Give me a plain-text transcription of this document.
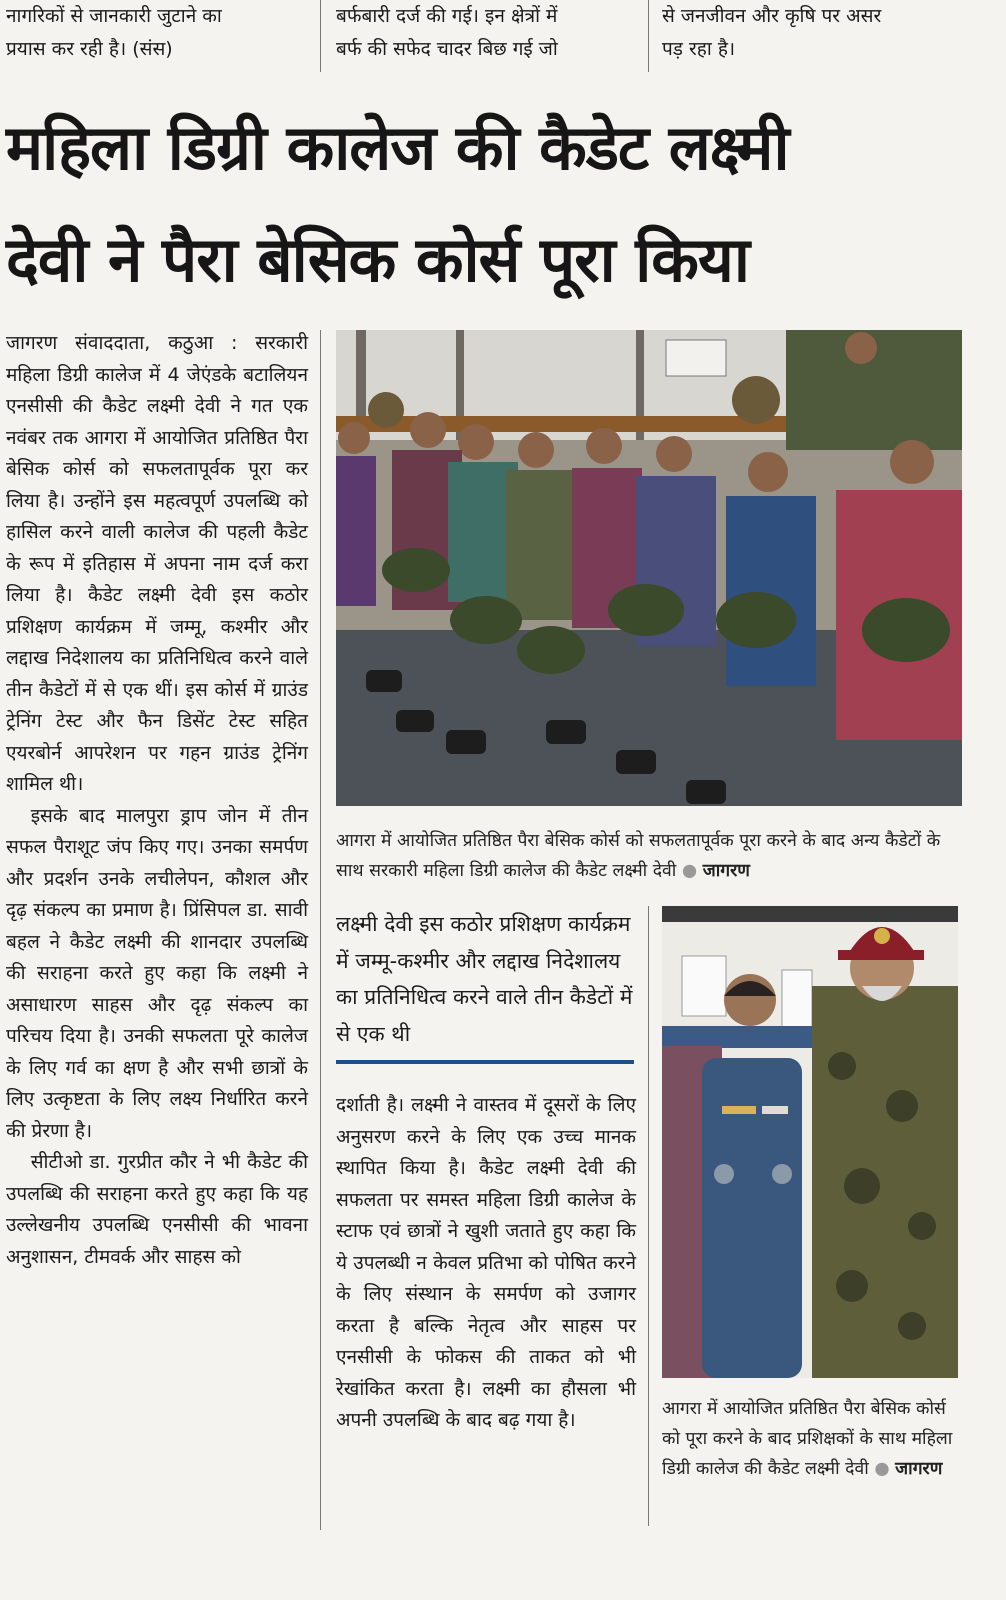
नागरिकों से जानकारी जुटाने का
प्रयास कर रही है। (संस)
बर्फबारी दर्ज की गई। इन क्षेत्रों में
बर्फ की सफेद चादर बिछ गई जो
से जनजीवन और कृषि पर असर
पड़ रहा है।
महिला डिग्री कालेज की कैडेट लक्ष्मी
देवी ने पैरा बेसिक कोर्स पूरा किया

जागरण संवाददाता, कठुआ : सरकारी महिला डिग्री कालेज में 4 जेएंडके बटालियन एनसीसी की कैडेट लक्ष्मी देवी ने गत एक नवंबर तक आगरा में आयोजित प्रतिष्ठित पैरा बेसिक कोर्स को सफलतापूर्वक पूरा कर लिया है। उन्होंने इस महत्वपूर्ण उपलब्धि को हासिल करने वाली कालेज की पहली कैडेट के रूप में इतिहास में अपना नाम दर्ज करा लिया है। कैडेट लक्ष्मी देवी इस कठोर प्रशिक्षण कार्यक्रम में जम्मू, कश्मीर और लद्दाख निदेशालय का प्रतिनिधित्व करने वाले तीन कैडेटों में से एक थीं। इस कोर्स में ग्राउंड ट्रेनिंग टेस्ट और फैन डिसेंट टेस्ट सहित एयरबोर्न आपरेशन पर गहन ग्राउंड ट्रेनिंग शामिल थी।

इसके बाद मालपुरा ड्राप जोन में तीन सफल पैराशूट जंप किए गए। उनका समर्पण और प्रदर्शन उनके लचीलेपन, कौशल और दृढ़ संकल्प का प्रमाण है। प्रिंसिपल डा. सावी बहल ने कैडेट लक्ष्मी की शानदार उपलब्धि की सराहना करते हुए कहा कि लक्ष्मी ने असाधारण साहस और दृढ़ संकल्प का परिचय दिया है। उनकी सफलता पूरे कालेज के लिए गर्व का क्षण है और सभी छात्रों के लिए उत्कृष्टता के लिए लक्ष्य निर्धारित करने की प्रेरणा है।

सीटीओ डा. गुरप्रीत कौर ने भी कैडेट की उपलब्धि की सराहना करते हुए कहा कि यह उल्लेखनीय उपलब्धि एनसीसी की भावना अनुशासन, टीमवर्क और साहस को

आगरा में आयोजित प्रतिष्ठित पैरा बेसिक कोर्स को सफलतापूर्वक पूरा करने के बाद अन्य कैडेटों के साथ सरकारी महिला डिग्री कालेज की कैडेट लक्ष्मी देवी ● जागरण
लक्ष्मी देवी इस कठोर प्रशिक्षण कार्यक्रम में जम्मू-कश्मीर और लद्दाख निदेशालय का प्रतिनिधित्व करने वाले तीन कैडेटों में से एक थी

दर्शाती है। लक्ष्मी ने वास्तव में दूसरों के लिए अनुसरण करने के लिए एक उच्च मानक स्थापित किया है। कैडेट लक्ष्मी देवी की सफलता पर समस्त महिला डिग्री कालेज के स्टाफ एवं छात्रों ने खुशी जताते हुए कहा कि ये उपलब्धी न केवल प्रतिभा को पोषित करने के लिए संस्थान के समर्पण को उजागर करता है बल्कि नेतृत्व और साहस पर एनसीसी के फोकस की ताकत को भी रेखांकित करता है। लक्ष्मी का हौसला भी अपनी उपलब्धि के बाद बढ़ गया है।	आगरा में आयोजित प्रतिष्ठित पैरा बेसिक कोर्स को पूरा करने के बाद प्रशिक्षकों के साथ महिला डिग्री कालेज की कैडेट लक्ष्मी देवी ● जागरण
